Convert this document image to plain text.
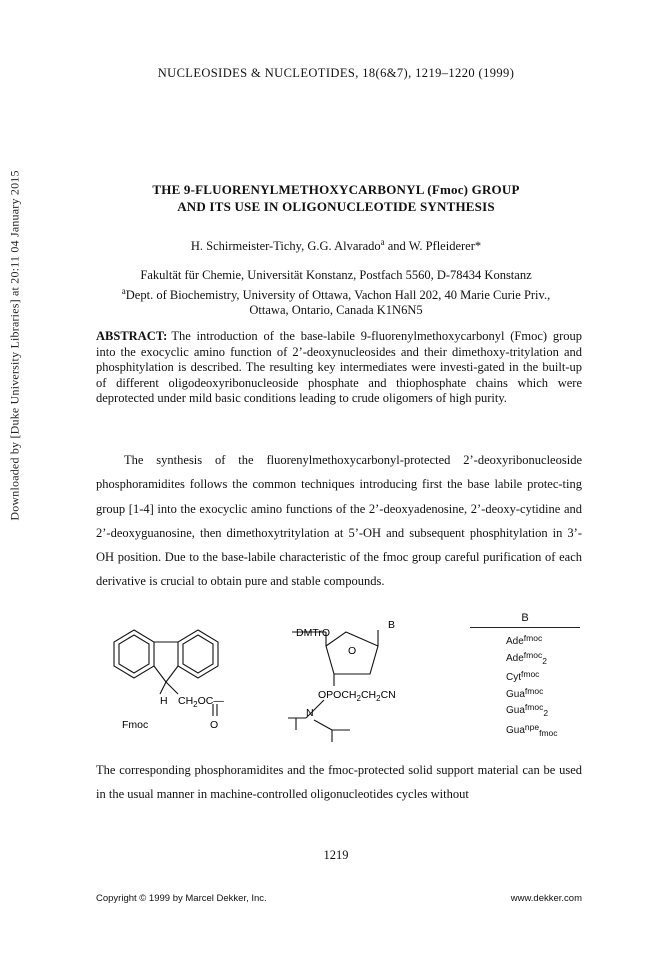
Downloaded by [Duke University Libraries] at 20:11 04 January 2015
NUCLEOSIDES & NUCLEOTIDES, 18(6&7), 1219–1220 (1999)
THE 9-FLUORENYLMETHOXYCARBONYL (Fmoc) GROUP
AND ITS USE IN OLIGONUCLEOTIDE SYNTHESIS
H. Schirmeister-Tichy, G.G. Alvarado$^a$ and W. Pfleiderer*
Fakultät für Chemie, Universität Konstanz, Postfach 5560, D-78434 Konstanz
$^a$Dept. of Biochemistry, University of Ottawa, Vachon Hall 202, 40 Marie Curie Priv.,
Ottawa, Ontario, Canada K1N6N5
ABSTRACT: The introduction of the base-labile 9-fluorenylmethoxycarbonyl (Fmoc) group into the exocyclic amino function of 2’-deoxynucleosides and their dimethoxy-tritylation and phosphitylation is described. The resulting key intermediates were investi-gated in the built-up of different oligodeoxyribonucleoside phosphate and thiophosphate chains which were deprotected under mild basic conditions leading to crude oligomers of high purity.
The synthesis of the fluorenylmethoxycarbonyl-protected 2’-deoxyribonucleoside phosphoramidites follows the common techniques introducing first the base labile protec-ting group [1-4] into the exocyclic amino functions of the 2’-deoxyadenosine, 2’-deoxy-cytidine and 2’-deoxyguanosine, then dimethoxytritylation at 5’-OH and subsequent phosphitylation in 3’-OH position. Due to the base-labile characteristic of the fmoc group careful purification of each derivative is crucial to obtain pure and stable compounds.
H $CH_2OC—$
O
Fmoc
DMTrO
O
B
$OPOCH_2CH_2CN$
N
B
Ade$^{fmoc}$
Ade$^{fmoc}_2$
Cyt$^{fmoc}$
Gua$^{fmoc}$
Gua$^{fmoc}_2$
Gua$^{npe}_{fmoc}$
The corresponding phosphoramidites and the fmoc-protected solid support material can be used in the usual manner in machine-controlled oligonucleotides cycles without
1219
Copyright © 1999 by Marcel Dekker, Inc.	www.dekker.com
